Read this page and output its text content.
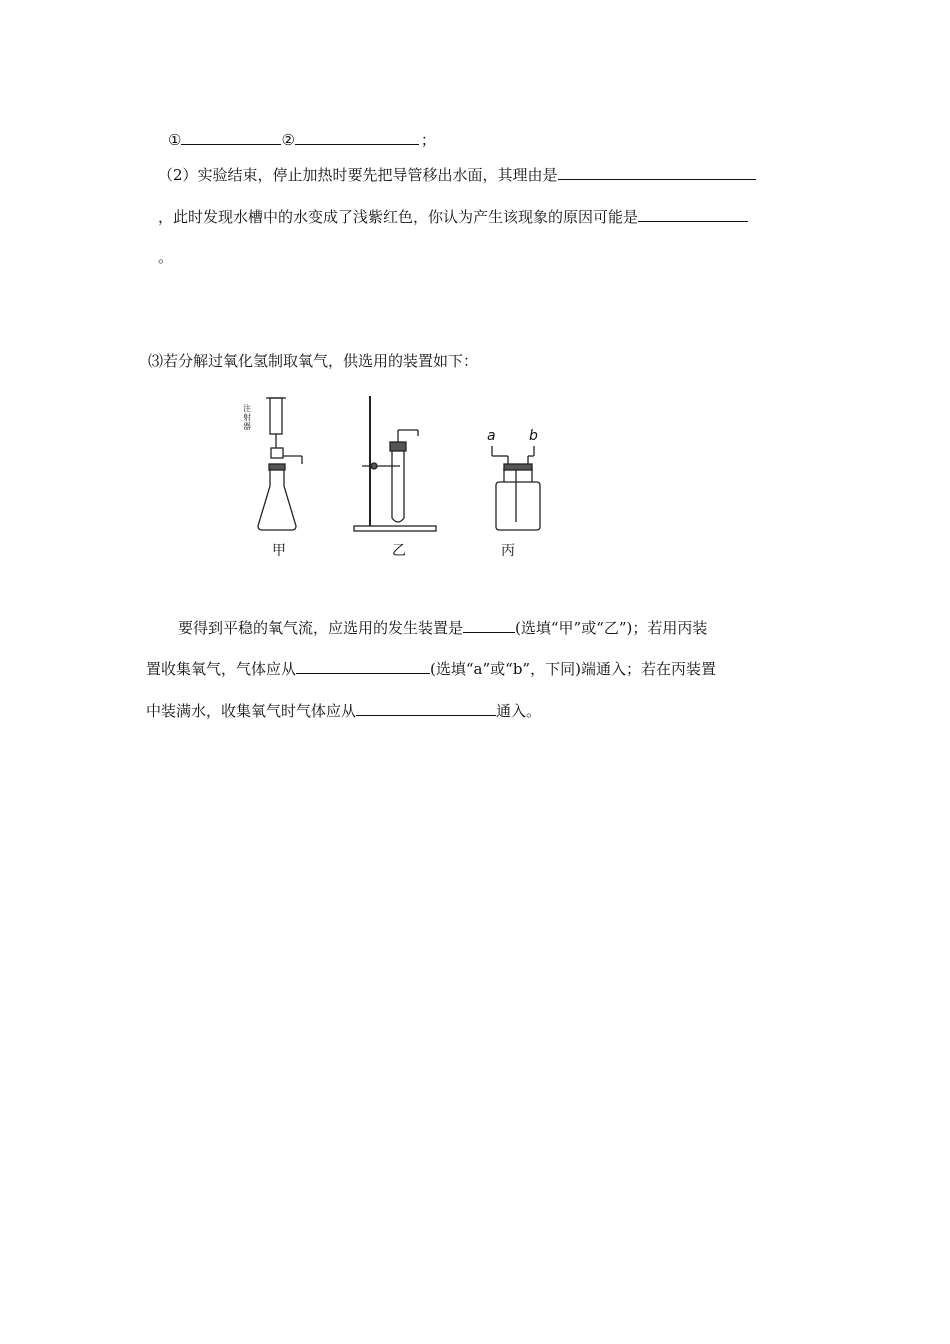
①	②	；
（2）实验结束，停止加热时要先把导管移出水面，其理由是
，此时发现水槽中的水变成了浅紫红色，你认为产生该现象的原因可能是
。
⑶若分解过氧化氢制取氧气，供选用的装置如下：
注射器
甲	乙	丙
a b
要得到平稳的氧气流，应选用的发生装置是	(选填“甲”或“乙”)；若用丙装
置收集氧气，气体应从	(选填“a”或“b”，下同)端通入；若在丙装置
中装满水，收集氧气时气体应从	通入。
